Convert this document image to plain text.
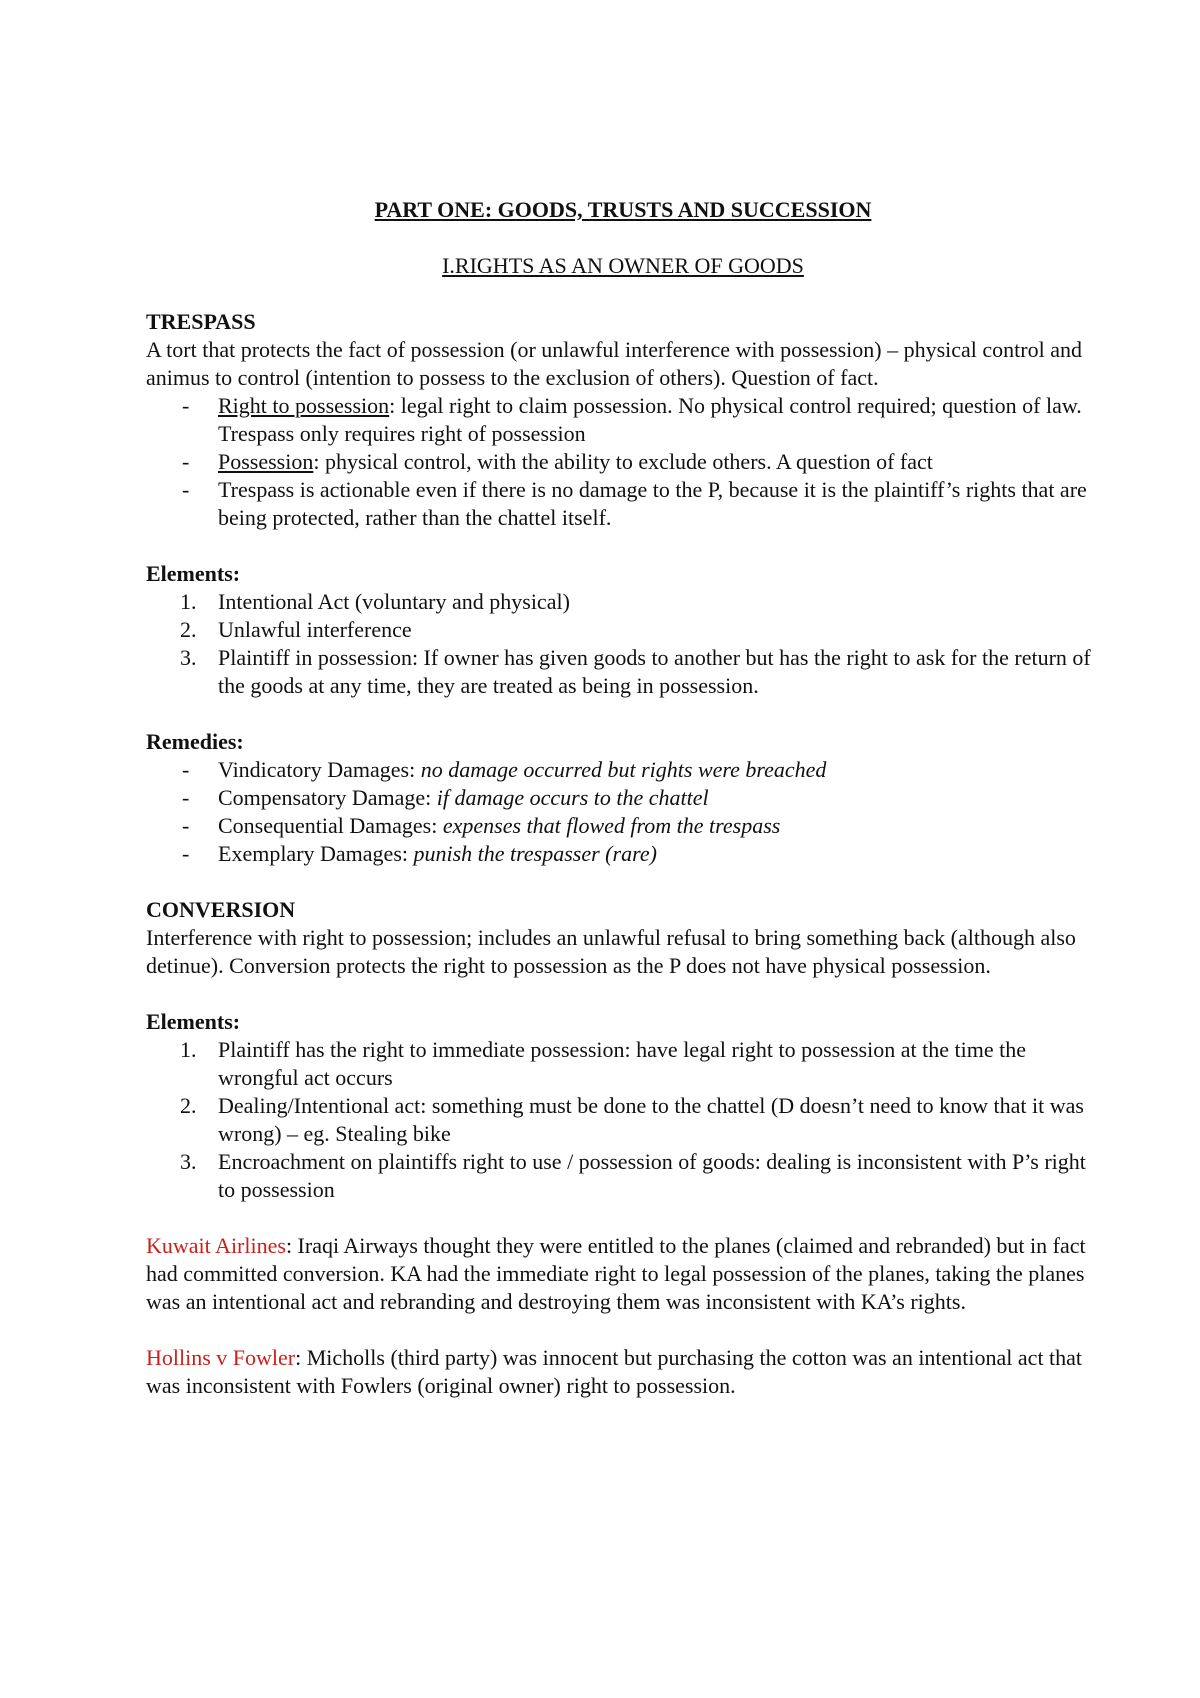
PART ONE: GOODS, TRUSTS AND SUCCESSION

I.RIGHTS AS AN OWNER OF GOODS

TRESPASS

A tort that protects the fact of possession (or unlawful interference with possession) – physical control and animus to control (intention to possess to the exclusion of others). Question of fact.

- Right to possession: legal right to claim possession. No physical control required; question of law. Trespass only requires right of possession
- Possession: physical control, with the ability to exclude others. A question of fact
- Trespass is actionable even if there is no damage to the P, because it is the plaintiff’s rights that are being protected, rather than the chattel itself.

Elements:

1. Intentional Act (voluntary and physical)
2. Unlawful interference
3. Plaintiff in possession: If owner has given goods to another but has the right to ask for the return of the goods at any time, they are treated as being in possession.

Remedies:

- Vindicatory Damages: no damage occurred but rights were breached
- Compensatory Damage: if damage occurs to the chattel
- Consequential Damages: expenses that flowed from the trespass
- Exemplary Damages: punish the trespasser (rare)

CONVERSION

Interference with right to possession; includes an unlawful refusal to bring something back (although also detinue). Conversion protects the right to possession as the P does not have physical possession.

Elements:

1. Plaintiff has the right to immediate possession: have legal right to possession at the time the wrongful act occurs
2. Dealing/Intentional act: something must be done to the chattel (D doesn’t need to know that it was wrong) – eg. Stealing bike
3. Encroachment on plaintiffs right to use / possession of goods: dealing is inconsistent with P’s right to possession

Kuwait Airlines: Iraqi Airways thought they were entitled to the planes (claimed and rebranded) but in fact had committed conversion. KA had the immediate right to legal possession of the planes, taking the planes was an intentional act and rebranding and destroying them was inconsistent with KA’s rights.

Hollins v Fowler: Micholls (third party) was innocent but purchasing the cotton was an intentional act that was inconsistent with Fowlers (original owner) right to possession.
